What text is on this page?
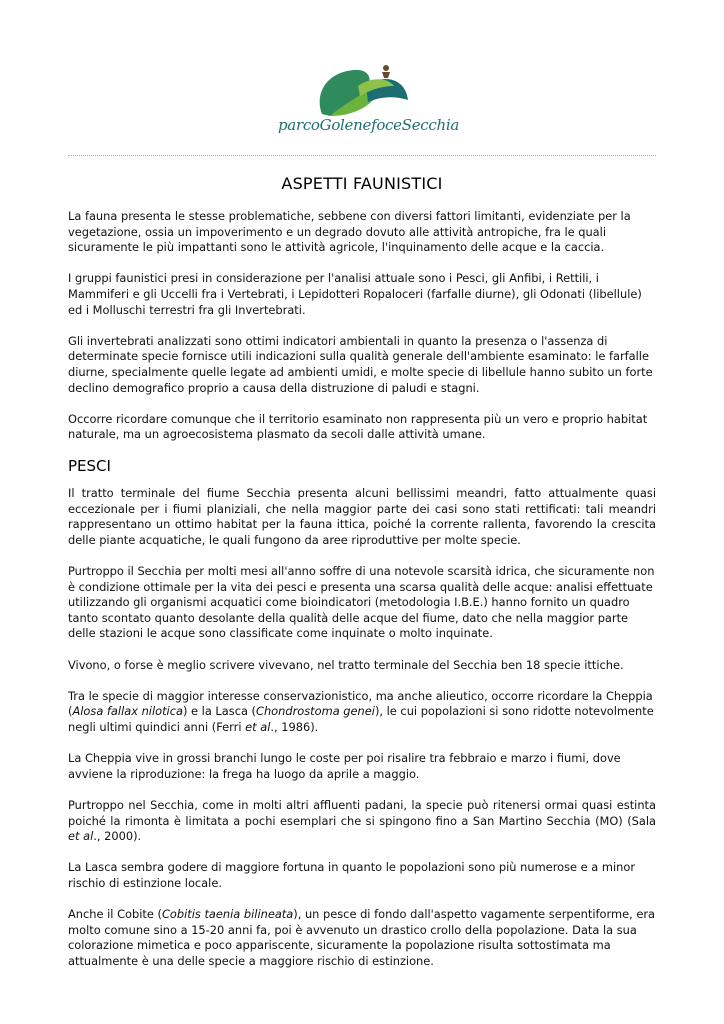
parcoGolenefoceSecchia
ASPETTI FAUNISTICI

La fauna presenta le stesse problematiche, sebbene con diversi fattori limitanti, evidenziate per la vegetazione, ossia un impoverimento e un degrado dovuto alle attività antropiche, fra le quali sicuramente le più impattanti sono le attività agricole, l'inquinamento delle acque e la caccia.

I gruppi faunistici presi in considerazione per l'analisi attuale sono i Pesci, gli Anfibi, i Rettili, i Mammiferi e gli Uccelli fra i Vertebrati, i Lepidotteri Ropaloceri (farfalle diurne), gli Odonati (libellule) ed i Molluschi terrestri fra gli Invertebrati.

Gli invertebrati analizzati sono ottimi indicatori ambientali in quanto la presenza o l'assenza di determinate specie fornisce utili indicazioni sulla qualità generale dell'ambiente esaminato: le farfalle diurne, specialmente quelle legate ad ambienti umidi, e molte specie di libellule hanno subito un forte declino demografico proprio a causa della distruzione di paludi e stagni.

Occorre ricordare comunque che il territorio esaminato non rappresenta più un vero e proprio habitat naturale, ma un agroecosistema plasmato da secoli dalle attività umane.

PESCI

Il tratto terminale del fiume Secchia presenta alcuni bellissimi meandri, fatto attualmente quasi eccezionale per i fiumi planiziali, che nella maggior parte dei casi sono stati rettificati: tali meandri rappresentano un ottimo habitat per la fauna ittica, poiché la corrente rallenta, favorendo la crescita delle piante acquatiche, le quali fungono da aree riproduttive per molte specie.

Purtroppo il Secchia per molti mesi all'anno soffre di una notevole scarsità idrica, che sicuramente non è condizione ottimale per la vita dei pesci e presenta una scarsa qualità delle acque: analisi effettuate utilizzando gli organismi acquatici come bioindicatori (metodologia I.B.E.) hanno fornito un quadro tanto scontato quanto desolante della qualità delle acque del fiume, dato che nella maggior parte delle stazioni le acque sono classificate come inquinate o molto inquinate.

Vivono, o forse è meglio scrivere vivevano, nel tratto terminale del Secchia ben 18 specie ittiche.

Tra le specie di maggior interesse conservazionistico, ma anche alieutico, occorre ricordare la Cheppia (Alosa fallax nilotica) e la Lasca (Chondrostoma genei), le cui popolazioni si sono ridotte notevolmente negli ultimi quindici anni (Ferri et al., 1986).

La Cheppia vive in grossi branchi lungo le coste per poi risalire tra febbraio e marzo i fiumi, dove avviene la riproduzione: la frega ha luogo da aprile a maggio.

Purtroppo nel Secchia, come in molti altri affluenti padani, la specie può ritenersi ormai quasi estinta poiché la rimonta è limitata a pochi esemplari che si spingono fino a San Martino Secchia (MO) (Sala et al., 2000).

La Lasca sembra godere di maggiore fortuna in quanto le popolazioni sono più numerose e a minor rischio di estinzione locale.

Anche il Cobite (Cobitis taenia bilineata), un pesce di fondo dall'aspetto vagamente serpentiforme, era molto comune sino a 15-20 anni fa, poi è avvenuto un drastico crollo della popolazione. Data la sua colorazione mimetica e poco appariscente, sicuramente la popolazione risulta sottostimata ma attualmente è una delle specie a maggiore rischio di estinzione.
